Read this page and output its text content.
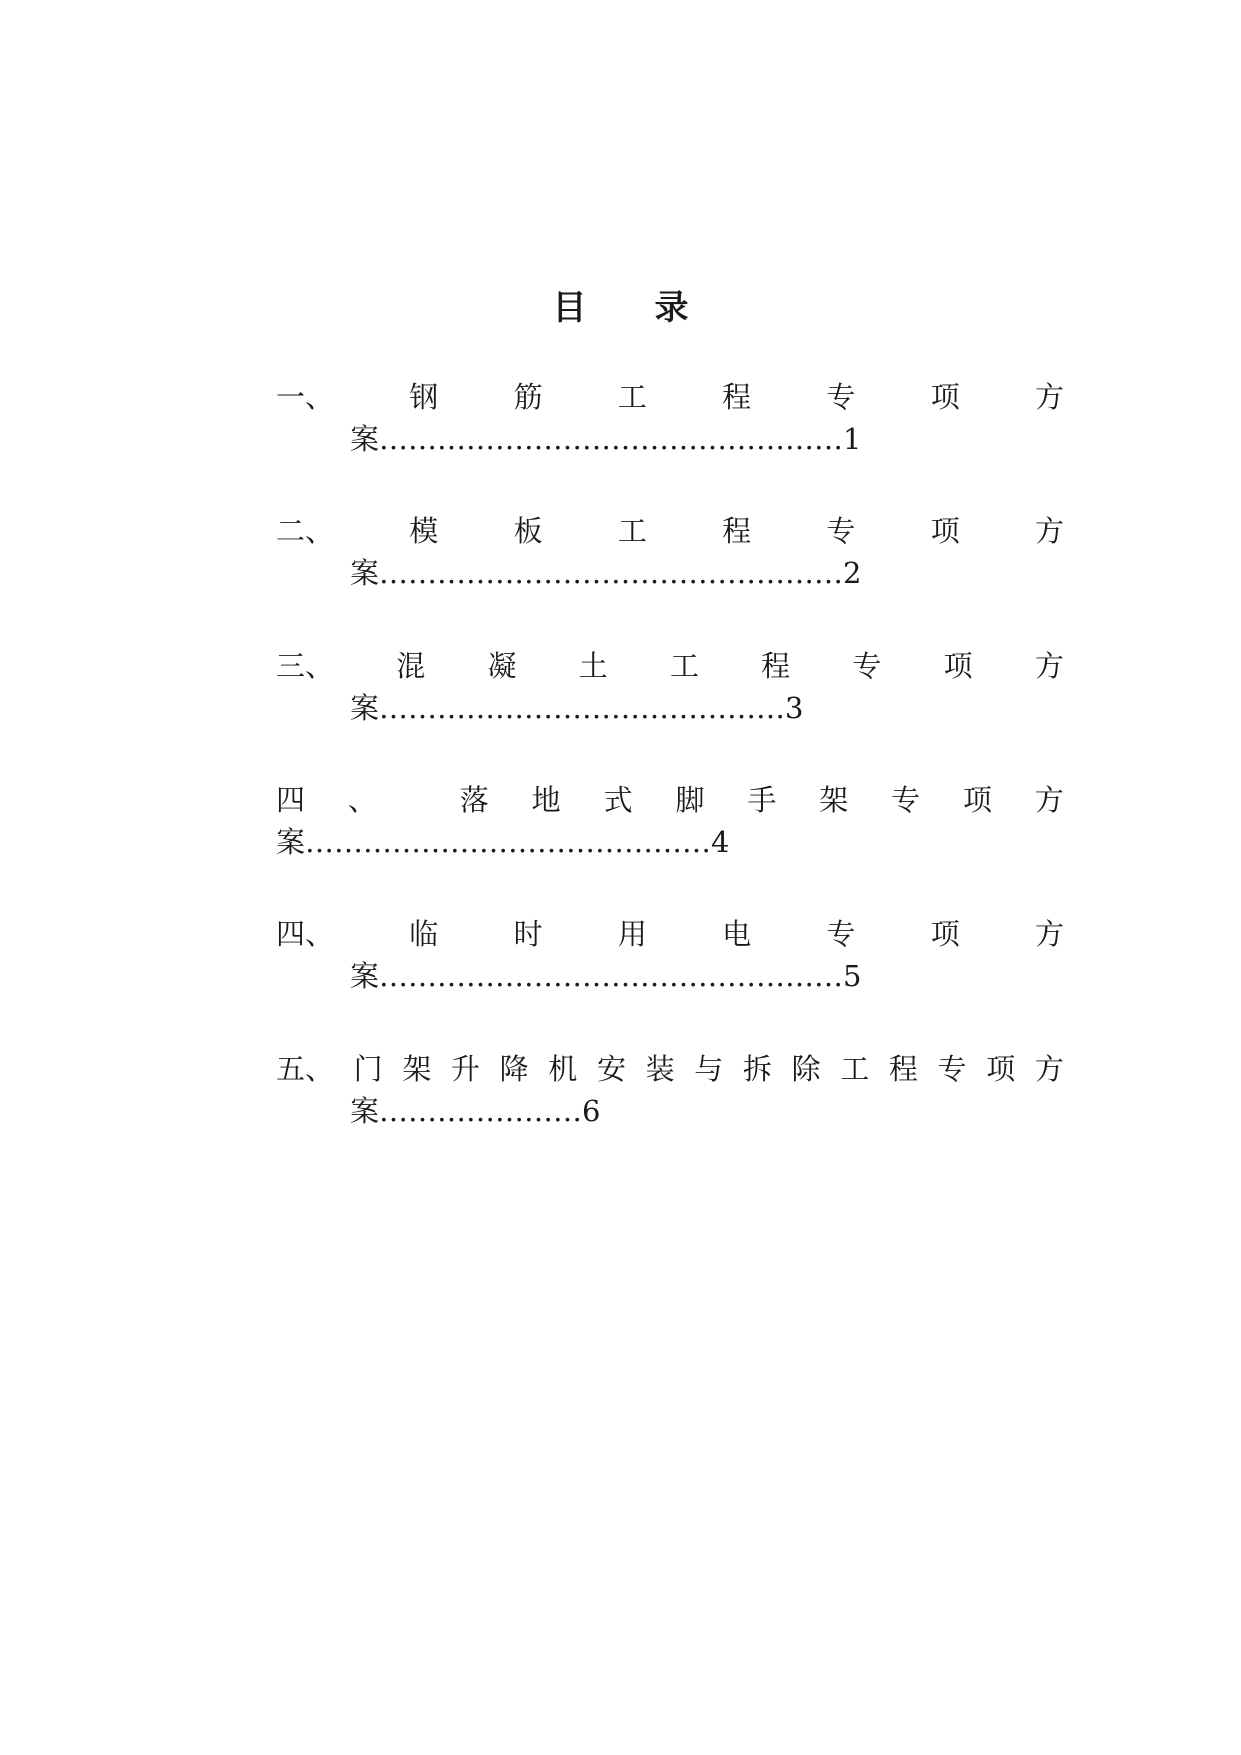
目 录
一、	钢	筋	工	程	专	项	方
案…………………………………………1
二、	模	板	工	程	专	项	方
案…………………………………………2
三、 混 凝 土 工 程 专 项 方
案……………………………………3
四 、	落 地 式 脚 手 架 专 项 方
案……………………………………4
四、	临	时	用	电	专	项	方
案…………………………………………5
五、 门 架 升 降 机 安 装 与 拆 除 工 程 专 项 方
案…………………6
